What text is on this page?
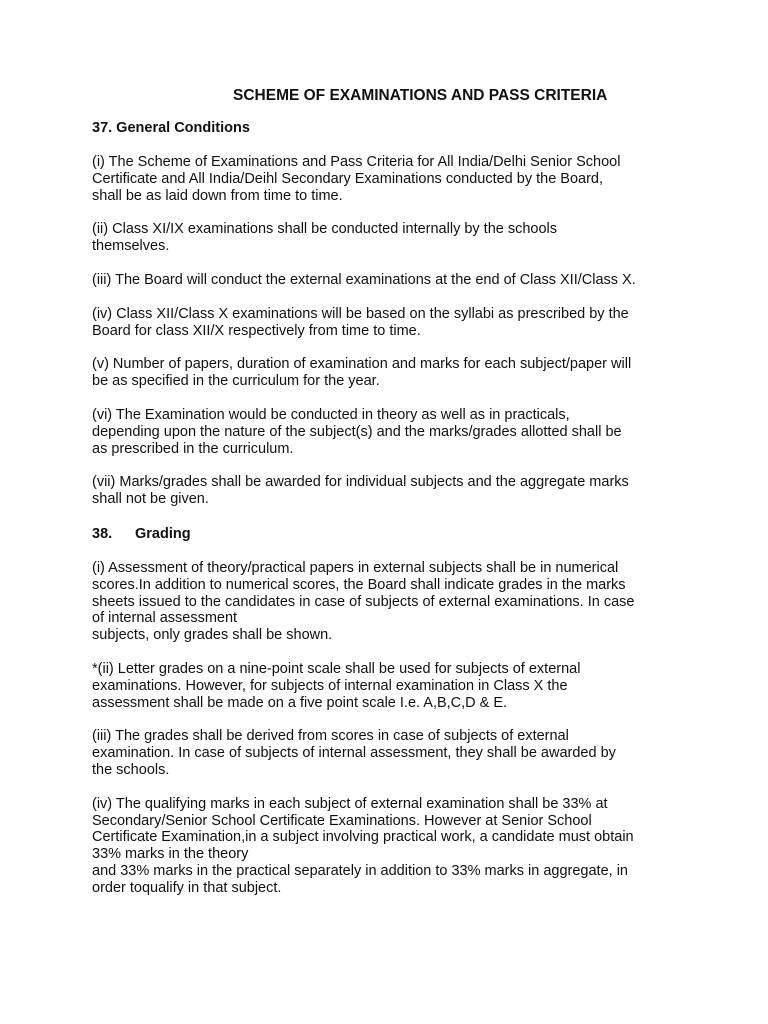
SCHEME OF EXAMINATIONS AND PASS CRITERIA
37. General Conditions

(i) The Scheme of Examinations and Pass Criteria for All India/Delhi Senior School
Certificate and All India/Deihl Secondary Examinations conducted by the Board,
shall be as laid down from time to time.

(ii) Class XI/IX examinations shall be conducted internally by the schools
themselves.

(iii) The Board will conduct the external examinations at the end of Class XII/Class X.

(iv) Class XII/Class X examinations will be based on the syllabi as prescribed by the
Board for class XII/X respectively from time to time.

(v) Number of papers, duration of examination and marks for each subject/paper will
be as specified in the curriculum for the year.

(vi) The Examination would be conducted in theory as well as in practicals,
depending upon the nature of the subject(s) and the marks/grades allotted shall be
as prescribed in the curriculum.

(vii) Marks/grades shall be awarded for individual subjects and the aggregate marks
shall not be given.

38. Grading

(i) Assessment of theory/practical papers in external subjects shall be in numerical
scores.In addition to numerical scores, the Board shall indicate grades in the marks
sheets issued to the candidates in case of subjects of external examinations. In case
of internal assessment
subjects, only grades shall be shown.

*(ii) Letter grades on a nine-point scale shall be used for subjects of external
examinations. However, for subjects of internal examination in Class X the
assessment shall be made on a five point scale I.e. A,B,C,D & E.

(iii) The grades shall be derived from scores in case of subjects of external
examination. In case of subjects of internal assessment, they shall be awarded by
the schools.

(iv) The qualifying marks in each subject of external examination shall be 33% at
Secondary/Senior School Certificate Examinations. However at Senior School
Certificate Examination,in a subject involving practical work, a candidate must obtain
33% marks in the theory
and 33% marks in the practical separately in addition to 33% marks in aggregate, in
order toqualify in that subject.
